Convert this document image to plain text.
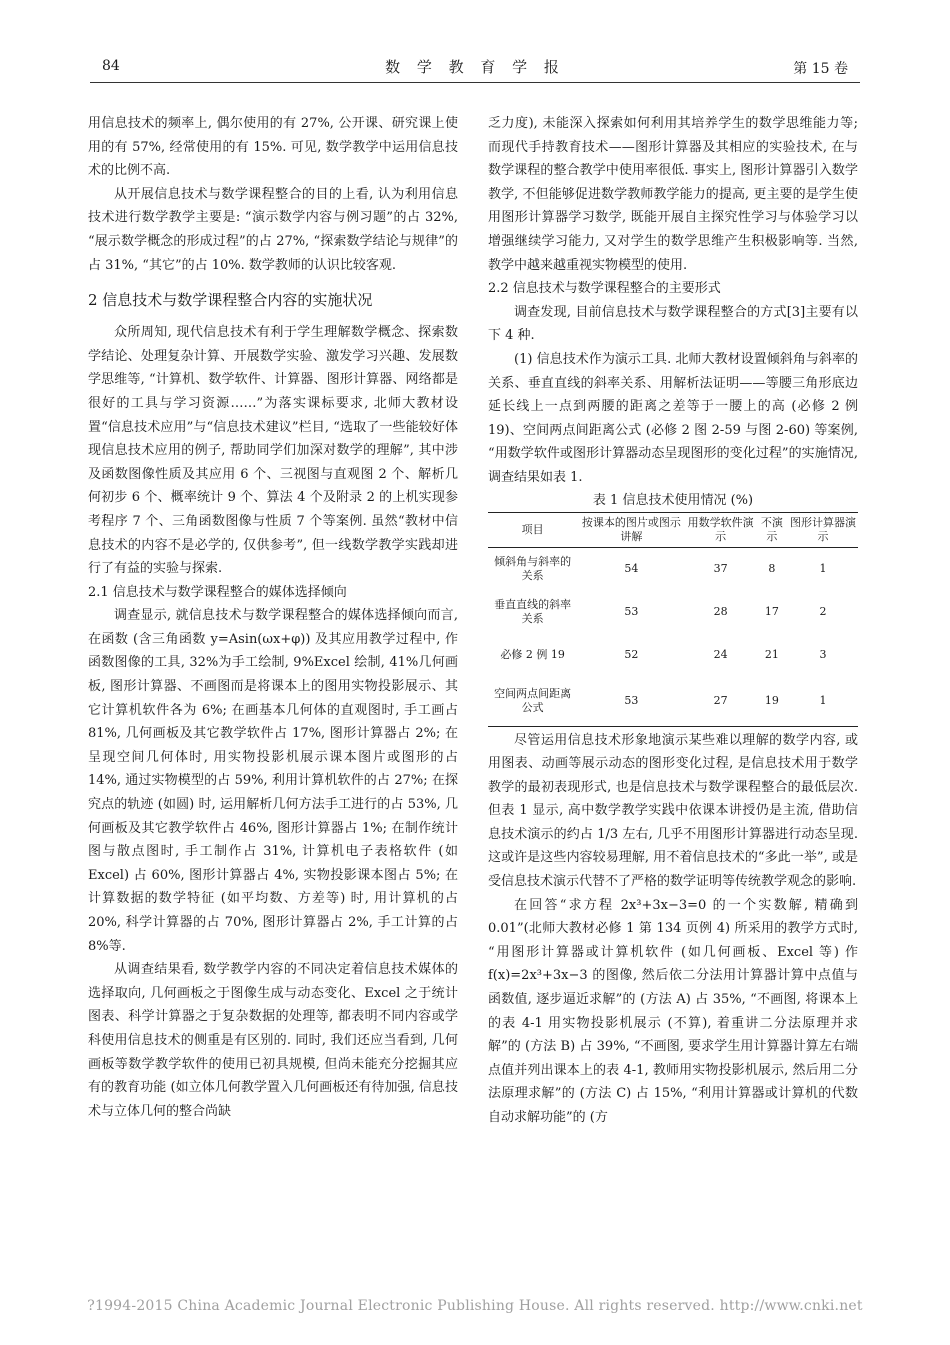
84	数 学 教 育 学 报	第 15 卷

用信息技术的频率上, 偶尔使用的有 27%, 公开课、研究课上使用的有 57%, 经常使用的有 15%. 可见, 数学教学中运用信息技术的比例不高.

从开展信息技术与数学课程整合的目的上看, 认为利用信息技术进行数学教学主要是: “演示数学内容与例习题”的占 32%, “展示数学概念的形成过程”的占 27%, “探索数学结论与规律”的占 31%, “其它”的占 10%. 数学教师的认识比较客观.

2 信息技术与数学课程整合内容的实施状况

众所周知, 现代信息技术有利于学生理解数学概念、探索数学结论、处理复杂计算、开展数学实验、激发学习兴趣、发展数学思维等, “计算机、数学软件、计算器、图形计算器、网络都是很好的工具与学习资源……”为落实课标要求, 北师大教材设置“信息技术应用”与“信息技术建议”栏目, “选取了一些能较好体现信息技术应用的例子, 帮助同学们加深对数学的理解”, 其中涉及函数图像性质及其应用 6 个、三视图与直观图 2 个、解析几何初步 6 个、概率统计 9 个、算法 4 个及附录 2 的上机实现参考程序 7 个、三角函数图像与性质 7 个等案例. 虽然“教材中信息技术的内容不是必学的, 仅供参考”, 但一线数学教学实践却进行了有益的实验与探索.

2.1 信息技术与数学课程整合的媒体选择倾向

调查显示, 就信息技术与数学课程整合的媒体选择倾向而言, 在函数 (含三角函数 y=Asin(ωx+φ)) 及其应用教学过程中, 作函数图像的工具, 32%为手工绘制, 9%Excel 绘制, 41%几何画板, 图形计算器、不画图而是将课本上的图用实物投影展示、其它计算机软件各为 6%; 在画基本几何体的直观图时, 手工画占 81%, 几何画板及其它教学软件占 17%, 图形计算器占 2%; 在呈现空间几何体时, 用实物投影机展示课本图片或图形的占 14%, 通过实物模型的占 59%, 利用计算机软件的占 27%; 在探究点的轨迹 (如圆) 时, 运用解析几何方法手工进行的占 53%, 几何画板及其它教学软件占 46%, 图形计算器占 1%; 在制作统计图与散点图时, 手工制作占 31%, 计算机电子表格软件 (如 Excel) 占 60%, 图形计算器占 4%, 实物投影课本图占 5%; 在计算数据的数学特征 (如平均数、方差等) 时, 用计算机的占 20%, 科学计算器的占 70%, 图形计算器占 2%, 手工计算的占 8%等.

从调查结果看, 数学教学内容的不同决定着信息技术媒体的选择取向, 几何画板之于图像生成与动态变化、Excel 之于统计图表、科学计算器之于复杂数据的处理等, 都表明不同内容或学科使用信息技术的侧重是有区别的. 同时, 我们还应当看到, 几何画板等数学教学软件的使用已初具规模, 但尚未能充分挖掘其应有的教育功能 (如立体几何教学置入几何画板还有待加强, 信息技术与立体几何的整合尚缺

乏力度), 未能深入探索如何利用其培养学生的数学思维能力等; 而现代手持教育技术——图形计算器及其相应的实验技术, 在与数学课程的整合教学中使用率很低. 事实上, 图形计算器引入数学教学, 不但能够促进数学教师教学能力的提高, 更主要的是学生使用图形计算器学习数学, 既能开展自主探究性学习与体验学习以增强继续学习能力, 又对学生的数学思维产生积极影响等. 当然, 教学中越来越重视实物模型的使用.

2.2 信息技术与数学课程整合的主要形式

调查发现, 目前信息技术与数学课程整合的方式[3]主要有以下 4 种.

(1) 信息技术作为演示工具. 北师大教材设置倾斜角与斜率的关系、垂直直线的斜率关系、用解析法证明——等腰三角形底边延长线上一点到两腰的距离之差等于一腰上的高 (必修 2 例 19)、空间两点间距离公式 (必修 2 图 2-59 与图 2-60) 等案例, “用数学软件或图形计算器动态呈现图形的变化过程”的实施情况, 调查结果如表 1.

表 1 信息技术使用情况 (%)
项目	按课本的图片或图示讲解	用数学软件演示	不演示	图形计算器演示
倾斜角与斜率的关系	54	37	8	1
垂直直线的斜率关系	53	28	17	2
必修 2 例 19	52	24	21	3
空间两点间距离公式	53	27	19	1

尽管运用信息技术形象地演示某些难以理解的数学内容, 或用图表、动画等展示动态的图形变化过程, 是信息技术用于数学教学的最初表现形式, 也是信息技术与数学课程整合的最低层次. 但表 1 显示, 高中数学教学实践中依课本讲授仍是主流, 借助信息技术演示的约占 1/3 左右, 几乎不用图形计算器进行动态呈现. 这或许是这些内容较易理解, 用不着信息技术的“多此一举”, 或是受信息技术演示代替不了严格的数学证明等传统教学观念的影响.

在回答“求方程 2x³+3x−3=0 的一个实数解, 精确到 0.01”(北师大教材必修 1 第 134 页例 4) 所采用的教学方式时, “用图形计算器或计算机软件 (如几何画板、Excel 等) 作 f(x)=2x³+3x−3 的图像, 然后依二分法用计算器计算中点值与函数值, 逐步逼近求解”的 (方法 A) 占 35%, “不画图, 将课本上的表 4-1 用实物投影机展示 (不算), 着重讲二分法原理并求解”的 (方法 B) 占 39%, “不画图, 要求学生用计算器计算左右端点值并列出课本上的表 4-1, 教师用实物投影机展示, 然后用二分法原理求解”的 (方法 C) 占 15%, “利用计算器或计算机的代数自动求解功能”的 (方

?1994-2015 China Academic Journal Electronic Publishing House. All rights reserved. http://www.cnki.net
